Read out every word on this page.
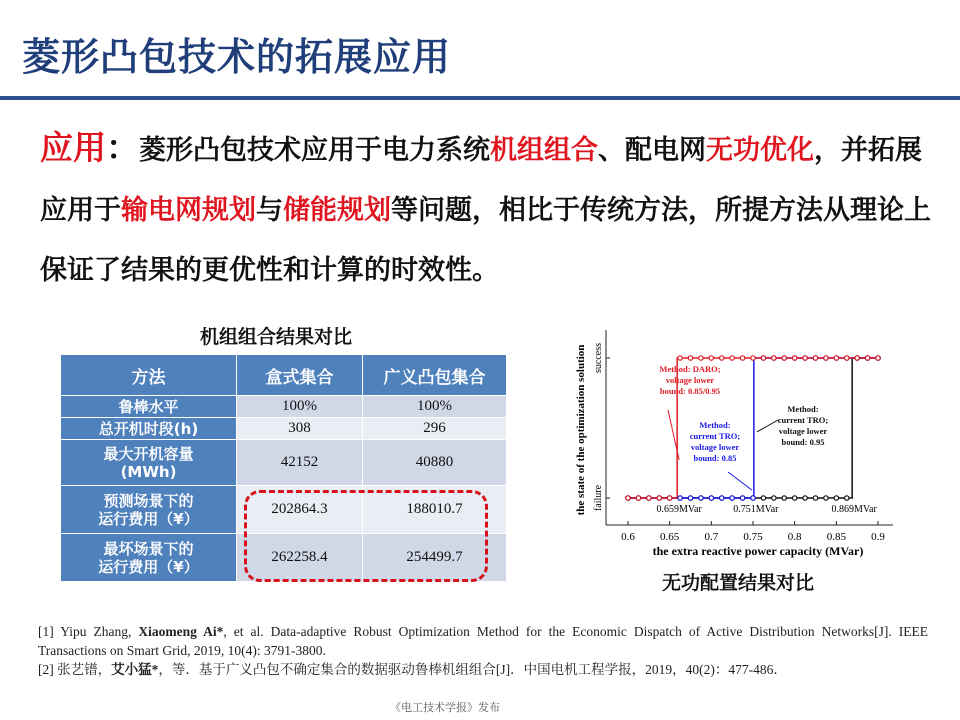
菱形凸包技术的拓展应用
应用：菱形凸包技术应用于电力系统机组组合、配电网无功优化，并拓展应用于输电网规划与储能规划等问题，相比于传统方法，所提方法从理论上保证了结果的更优性和计算的时效性。
机组组合结果对比
方法	盒式集合	广义凸包集合
鲁棒水平	100%	100%
总开机时段(h)	308	296

最大开机容量
(MWh)	42152	40880

预测场景下的
运行费用（¥）	202864.3	188010.7

最坏场景下的
运行费用（¥）	262258.4	254499.7
0.6 0.65 0.7 0.75 0.8 0.85 0.9
the extra reactive power capacity (MVar)
success
failure
the state of the optimization solution	0.659MVar	0.751MVar	0.869MVar
Method: DARO;
voltage lower
bound: 0.85/0.95
Method:
current TRO;
voltage lower
bound: 0.85
Method:
current TRO;
voltage lower
bound: 0.95
无功配置结果对比
[1] Yipu Zhang, Xiaomeng Ai*, et al. Data-adaptive Robust Optimization Method for the Economic Dispatch of Active Distribution Networks[J]. IEEE Transactions on Smart Grid, 2019, 10(4): 3791-3800.
[2] 张艺镨，艾小猛*，等．基于广义凸包不确定集合的数据驱动鲁棒机组组合[J]．中国电机工程学报，2019，40(2)：477-486．
《电工技术学报》发布
